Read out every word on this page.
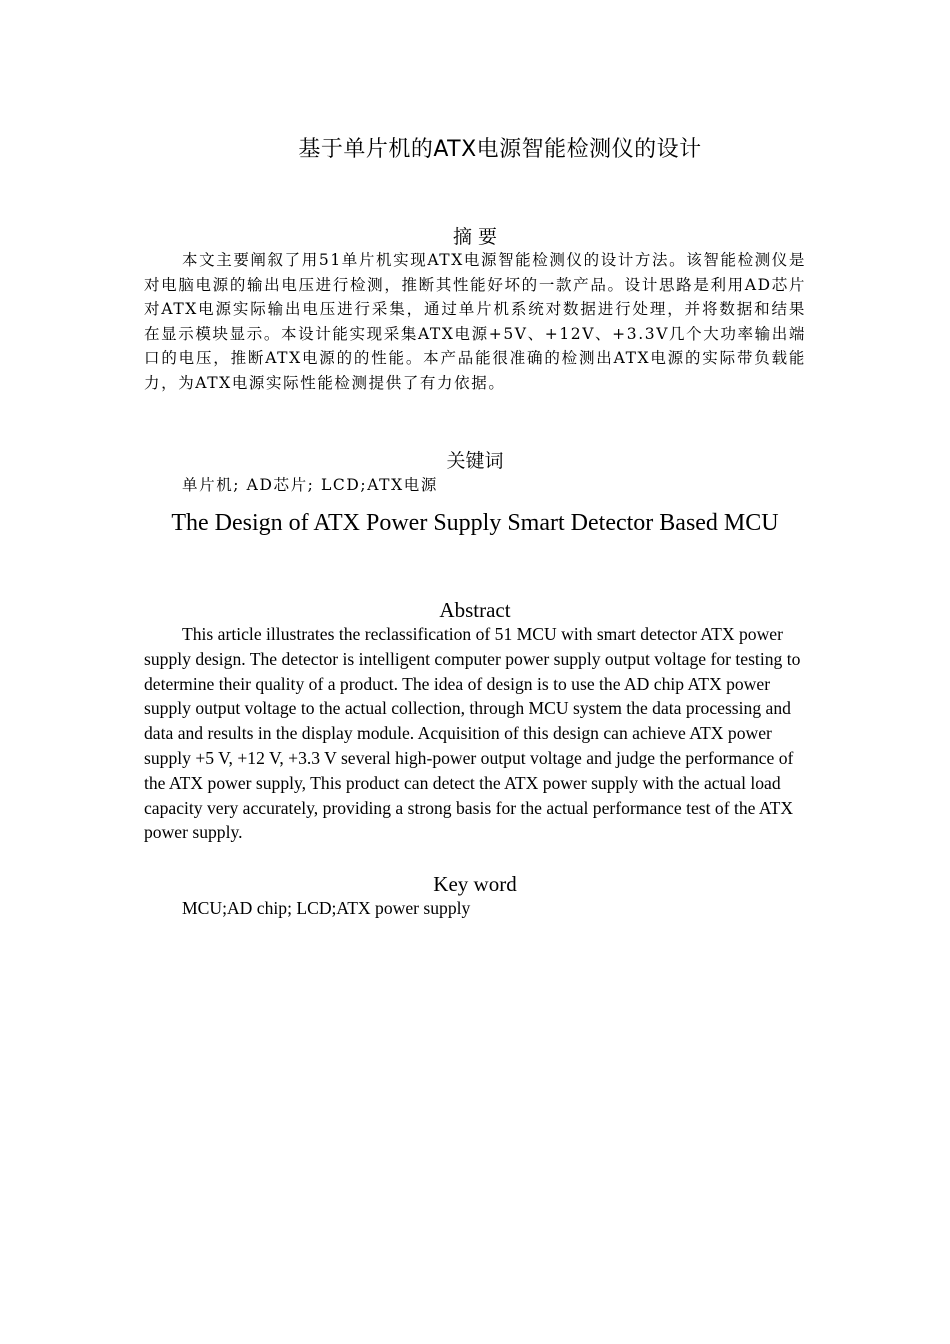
基于单片机的ATX电源智能检测仪的设计
摘 要

本文主要阐叙了用51单片机实现ATX电源智能检测仪的设计方法。该智能检测仪是对电脑电源的输出电压进行检测，推断其性能好坏的一款产品。设计思路是利用AD芯片对ATX电源实际输出电压进行采集，通过单片机系统对数据进行处理，并将数据和结果在显示模块显示。本设计能实现采集ATX电源+5V、+12V、+3.3V几个大功率输出端口的电压，推断ATX电源的的性能。本产品能很准确的检测出ATX电源的实际带负载能力，为ATX电源实际性能检测提供了有力依据。

关键词
单片机; AD芯片; LCD;ATX电源
The Design of ATX Power Supply Smart Detector Based MCU
Abstract

This article illustrates the reclassification of 51 MCU with smart detector ATX power supply design. The detector is intelligent computer power supply output voltage for testing to determine their quality of a product. The idea of design is to use the AD chip ATX power supply output voltage to the actual collection, through MCU system the data processing and data and results in the display module. Acquisition of this design can achieve ATX power supply +5 V, +12 V, +3.3 V several high-power output voltage and judge the performance of the ATX power supply, This product can detect the ATX power supply with the actual load capacity very accurately, providing a strong basis for the actual performance test of the ATX power supply.

Key word
MCU;AD chip; LCD;ATX power supply
